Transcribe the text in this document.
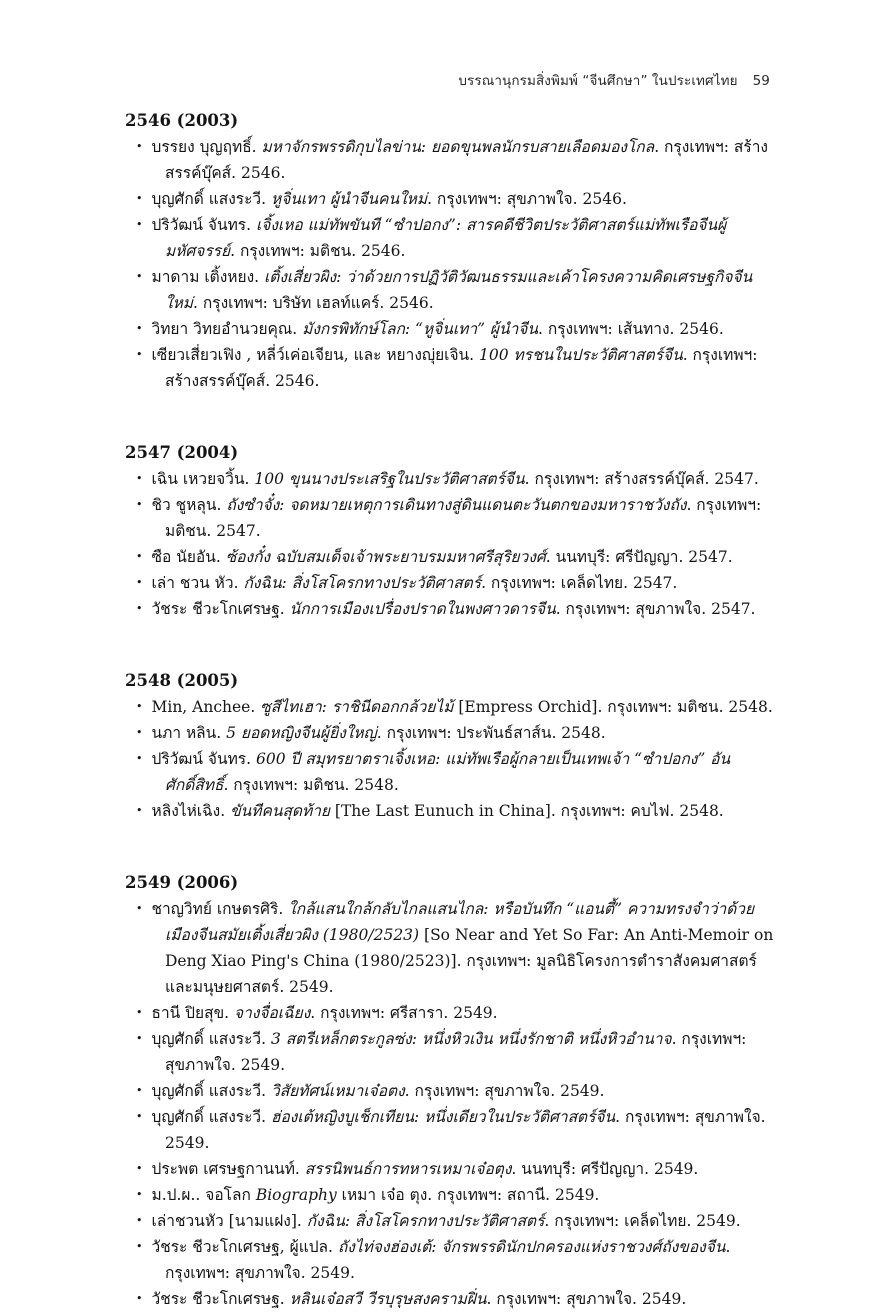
บรรณานุกรมสิ่งพิมพ์ “จีนศึกษา” ในประเทศไทย 59
2546 (2003)
• บรรยง บุญฤทธิ์. มหาจักรพรรดิกุบไลข่าน: ยอดขุนพลนักรบสายเลือดมองโกล. กรุงเทพฯ: สร้างสรรค์บุ๊คส์. 2546.
• บุญศักดิ์ แสงระวี. หูจิ่นเทา ผู้นำจีนคนใหม่. กรุงเทพฯ: สุขภาพใจ. 2546.
• ปริวัฒน์ จันทร. เจิ้งเหอ แม่ทัพขันที “ซำปอกง”: สารคดีชีวิตประวัติศาสตร์แม่ทัพเรือจีนผู้มหัศจรรย์. กรุงเทพฯ: มติชน. 2546.
• มาดาม เติ้งหยง. เติ้งเสี่ยวผิง: ว่าด้วยการปฏิวัติวัฒนธรรมและเค้าโครงความคิดเศรษฐกิจจีนใหม่. กรุงเทพฯ: บริษัท เฮลท์แคร์. 2546.
• วิทยา วิทยอำนวยคุณ. มังกรพิทักษ์โลก: “หูจิ่นเทา” ผู้นำจีน. กรุงเทพฯ: เส้นทาง. 2546.
• เซียวเสี่ยวเฟิง , หลี่ว์เค่อเจียน, และ หยางญุ่ยเจิน. 100 ทรชนในประวัติศาสตร์จีน. กรุงเทพฯ: สร้างสรรค์บุ๊คส์. 2546.
2547 (2004)
• เฉิน เหวยจวิ้น. 100 ขุนนางประเสริฐในประวัติศาสตร์จีน. กรุงเทพฯ: สร้างสรรค์บุ๊คส์. 2547.
• ชิว ชูหลุน. ถังซำจั๋ง: จดหมายเหตุการเดินทางสู่ดินแดนตะวันตกของมหาราชวังถัง. กรุงเทพฯ: มติชน. 2547.
• ซือ นัยอัน. ซ้องกั๋ง ฉบับสมเด็จเจ้าพระยาบรมมหาศรีสุริยวงศ์. นนทบุรี: ศรีปัญญา. 2547.
• เล่า ชวน หัว. กังฉิน: สิ่งโสโครกทางประวัติศาสตร์. กรุงเทพฯ: เคล็ดไทย. 2547.
• วัชระ ชีวะโกเศรษฐ. นักการเมืองเปรื่องปราดในพงศาวดารจีน. กรุงเทพฯ: สุขภาพใจ. 2547.
2548 (2005)
• Min, Anchee. ซูสีไทเฮา: ราชินีดอกกล้วยไม้ [Empress Orchid]. กรุงเทพฯ: มติชน. 2548.
• นภา หลิน. 5 ยอดหญิงจีนผู้ยิ่งใหญ่. กรุงเทพฯ: ประพันธ์สาส์น. 2548.
• ปริวัฒน์ จันทร. 600 ปี สมุทรยาตราเจิ้งเหอ: แม่ทัพเรือผู้กลายเป็นเทพเจ้า “ซำปอกง” อันศักดิ์สิทธิ์. กรุงเทพฯ: มติชน. 2548.
• หลิงไห่เฉิง. ขันทีคนสุดท้าย [The Last Eunuch in China]. กรุงเทพฯ: คบไฟ. 2548.
2549 (2006)
• ชาญวิทย์ เกษตรศิริ. ใกล้แสนใกล้กลับไกลแสนไกล: หรือบันทึก “แอนตี้” ความทรงจำว่าด้วยเมืองจีนสมัยเติ้งเสี่ยวผิง (1980/2523) [So Near and Yet So Far: An Anti-Memoir on Deng Xiao Ping's China (1980/2523)]. กรุงเทพฯ: มูลนิธิโครงการตำราสังคมศาสตร์และมนุษยศาสตร์. 2549.
• ธานี ปิยสุข. จางจื่อเฉียง. กรุงเทพฯ: ศรีสารา. 2549.
• บุญศักดิ์ แสงระวี. 3 สตรีเหล็กตระกูลซ่ง: หนึ่งหิวเงิน หนึ่งรักชาติ หนึ่งหิวอำนาจ. กรุงเทพฯ: สุขภาพใจ. 2549.
• บุญศักดิ์ แสงระวี. วิสัยทัศน์เหมาเจ๋อตง. กรุงเทพฯ: สุขภาพใจ. 2549.
• บุญศักดิ์ แสงระวี. ฮ่องเต้หญิงบูเช็กเทียน: หนึ่งเดียวในประวัติศาสตร์จีน. กรุงเทพฯ: สุขภาพใจ. 2549.
• ประพต เศรษฐกานนท์. สรรนิพนธ์การทหารเหมาเจ๋อตุง. นนทบุรี: ศรีปัญญา. 2549.
• ม.ป.ผ.. จอโลก Biography เหมา เจ๋อ ตุง. กรุงเทพฯ: สถานี. 2549.
• เล่าชวนหัว [นามแฝง]. กังฉิน: สิ่งโสโครกทางประวัติศาสตร์. กรุงเทพฯ: เคล็ดไทย. 2549.
• วัชระ ชีวะโกเศรษฐ, ผู้แปล. ถังไท่จงฮ่องเต้: จักรพรรดินักปกครองแห่งราชวงศ์ถังของจีน. กรุงเทพฯ: สุขภาพใจ. 2549.
• วัชระ ชีวะโกเศรษฐ. หลินเจ๋อสวี วีรบุรุษสงครามฝิ่น. กรุงเทพฯ: สุขภาพใจ. 2549.
